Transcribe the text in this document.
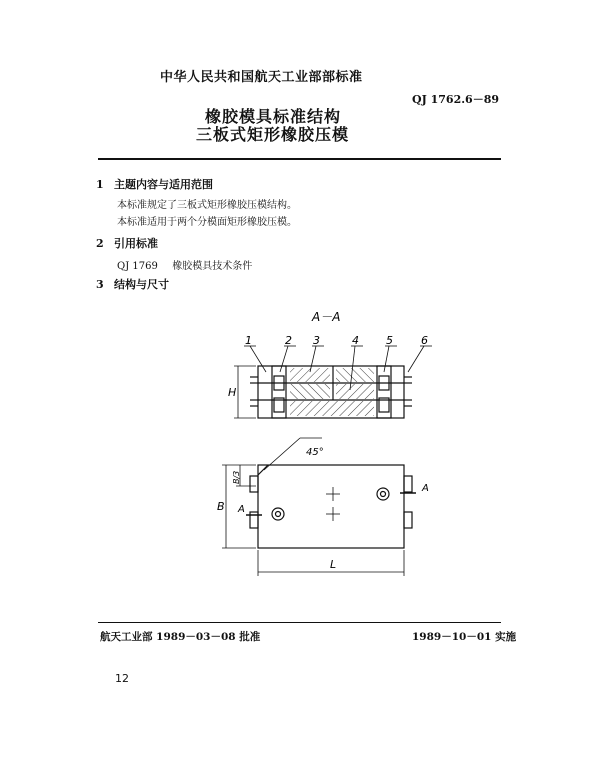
中华人民共和国航天工业部部标准
QJ 1762.6－89
橡胶模具标准结构
三板式矩形橡胶压模
1 主题内容与适用范围
本标准规定了三板式矩形橡胶压模结构。
本标准适用于两个分模面矩形橡胶压模。
2 引用标准
QJ 1769 橡胶模具技术条件
3 结构与尺寸
A－A
H
1	2 3	4 5	6
45°
B
B/3
L
A
A
航天工业部 1989－03－08 批准	1989－10－01 实施
12
